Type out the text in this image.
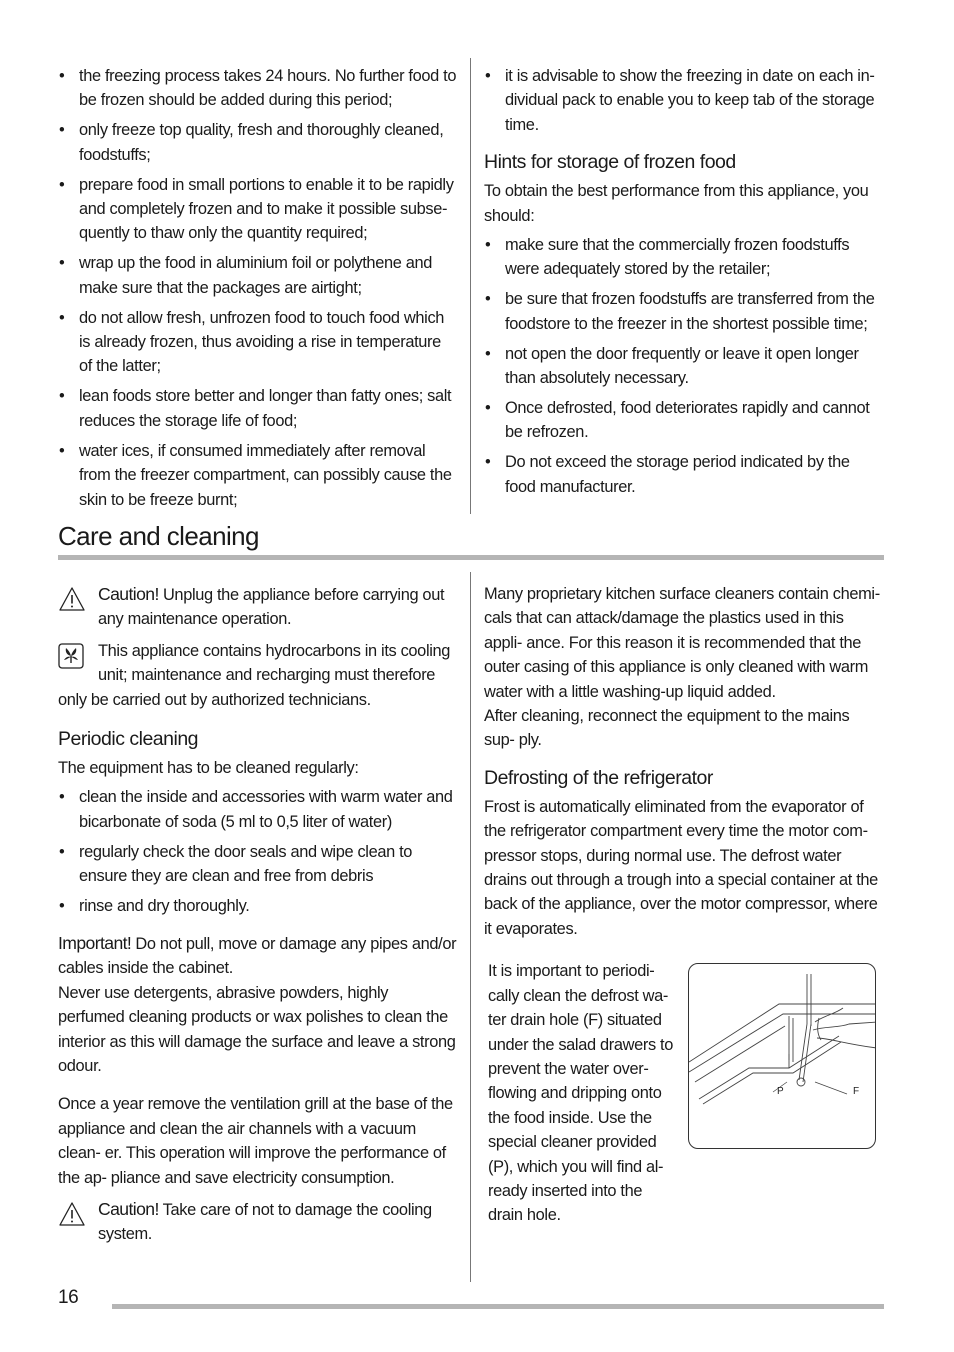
• the freezing process takes 24 hours. No further food to be frozen should be added during this period;
• only freeze top quality, fresh and thoroughly cleaned, foodstuffs;
• prepare food in small portions to enable it to be rapidly and completely frozen and to make it possible subse- quently to thaw only the quantity required;
• wrap up the food in aluminium foil or polythene and make sure that the packages are airtight;
• do not allow fresh, unfrozen food to touch food which is already frozen, thus avoiding a rise in temperature of the latter;
• lean foods store better and longer than fatty ones; salt reduces the storage life of food;
• water ices, if consumed immediately after removal from the freezer compartment, can possibly cause the skin to be freeze burnt;
• it is advisable to show the freezing in date on each in- dividual pack to enable you to keep tab of the storage time.
Hints for storage of frozen food

To obtain the best performance from this appliance, you should:

• make sure that the commercially frozen foodstuffs were adequately stored by the retailer;
• be sure that frozen foodstuffs are transferred from the foodstore to the freezer in the shortest possible time;
• not open the door frequently or leave it open longer than absolutely necessary.
• Once defrosted, food deteriorates rapidly and cannot be refrozen.
• Do not exceed the storage period indicated by the food manufacturer.
Care and cleaning
Caution! Unplug the appliance before carrying out any maintenance operation.
This appliance contains hydrocarbons in its cooling unit; maintenance and recharging must therefore
only be carried out by authorized technicians.
Periodic cleaning

The equipment has to be cleaned regularly:

• clean the inside and accessories with warm water and bicarbonate of soda (5 ml to 0,5 liter of water)
• regularly check the door seals and wipe clean to ensure they are clean and free from debris
• rinse and dry thoroughly.

Important! Do not pull, move or damage any pipes and/or cables inside the cabinet.

Never use detergents, abrasive powders, highly perfumed cleaning products or wax polishes to clean the interior as this will damage the surface and leave a strong odour.

Once a year remove the ventilation grill at the base of the appliance and clean the air channels with a vacuum clean- er. This operation will improve the performance of the ap- pliance and save electricity consumption.

Caution! Take care of not to damage the cooling system.

Many proprietary kitchen surface cleaners contain chemi- cals that can attack/damage the plastics used in this appli- ance. For this reason it is recommended that the outer casing of this appliance is only cleaned with warm water with a little washing-up liquid added.

After cleaning, reconnect the equipment to the mains sup- ply.

Defrosting of the refrigerator

Frost is automatically eliminated from the evaporator of the refrigerator compartment every time the motor com- pressor stops, during normal use. The defrost water drains out through a trough into a special container at the back of the appliance, over the motor compressor, where it evaporates.

It is important to periodi- cally clean the defrost wa- ter drain hole (F) situated under the salad drawers to prevent the water over- flowing and dripping onto the food inside. Use the special cleaner provided (P), which you will find al- ready inserted into the drain hole.

P	F
16
